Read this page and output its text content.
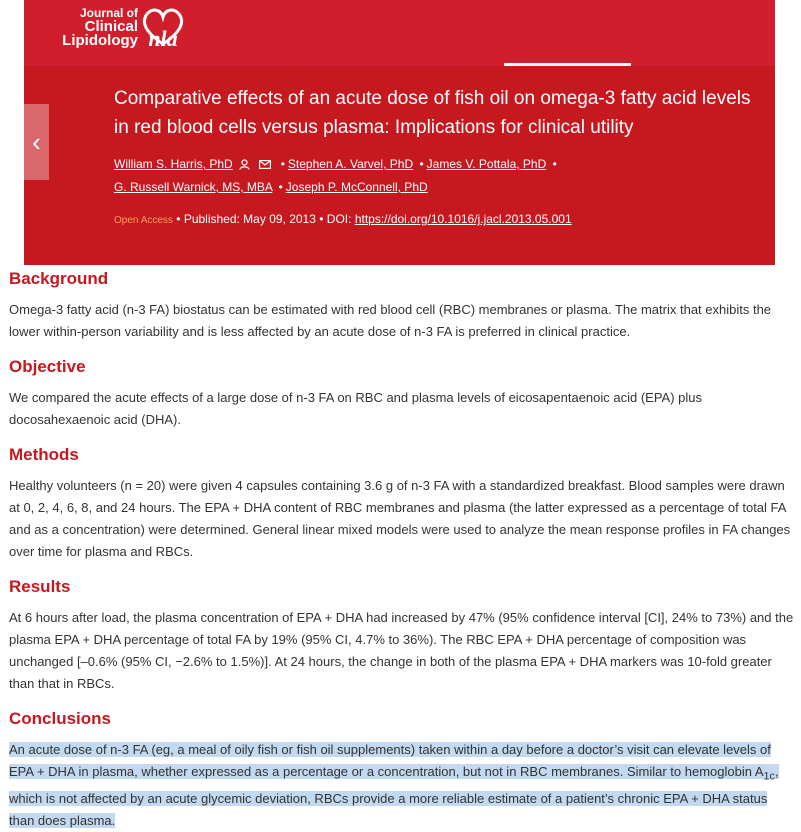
Journal of
Clinical
Lipidology nla
‹
Comparative effects of an acute dose of fish oil on omega-3 fatty acid levels in red blood cells versus plasma: Implications for clinical utility
William S. Harris, PhD	• Stephen A. Varvel, PhD • James V. Pottala, PhD •
G. Russell Warnick, MS, MBA • Joseph P. McConnell, PhD
Open Access • Published: May 09, 2013 • DOI: https://doi.org/10.1016/j.jacl.2013.05.001
Background

Omega-3 fatty acid (n-3 FA) biostatus can be estimated with red blood cell (RBC) membranes or plasma. The matrix that exhibits the lower within-person variability and is less affected by an acute dose of n-3 FA is preferred in clinical practice.

Objective

We compared the acute effects of a large dose of n-3 FA on RBC and plasma levels of eicosapentaenoic acid (EPA) plus docosahexaenoic acid (DHA).

Methods

Healthy volunteers (n = 20) were given 4 capsules containing 3.6 g of n-3 FA with a standardized breakfast. Blood samples were drawn at 0, 2, 4, 6, 8, and 24 hours. The EPA + DHA content of RBC membranes and plasma (the latter expressed as a percentage of total FA and as a concentration) were determined. General linear mixed models were used to analyze the mean response profiles in FA changes over time for plasma and RBCs.

Results

At 6 hours after load, the plasma concentration of EPA + DHA had increased by 47% (95% confidence interval [CI], 24% to 73%) and the plasma EPA + DHA percentage of total FA by 19% (95% CI, 4.7% to 36%). The RBC EPA + DHA percentage of composition was unchanged [–0.6% (95% CI, −2.6% to 1.5%)]. At 24 hours, the change in both of the plasma EPA + DHA markers was 10-fold greater than that in RBCs.

Conclusions

An acute dose of n-3 FA (eg, a meal of oily fish or fish oil supplements) taken within a day before a doctor’s visit can elevate levels of EPA + DHA in plasma, whether expressed as a percentage or a concentration, but not in RBC membranes. Similar to hemoglobin $A_{1c}$, which is not affected by an acute glycemic deviation, RBCs provide a more reliable estimate of a patient’s chronic EPA + DHA status than does plasma.
